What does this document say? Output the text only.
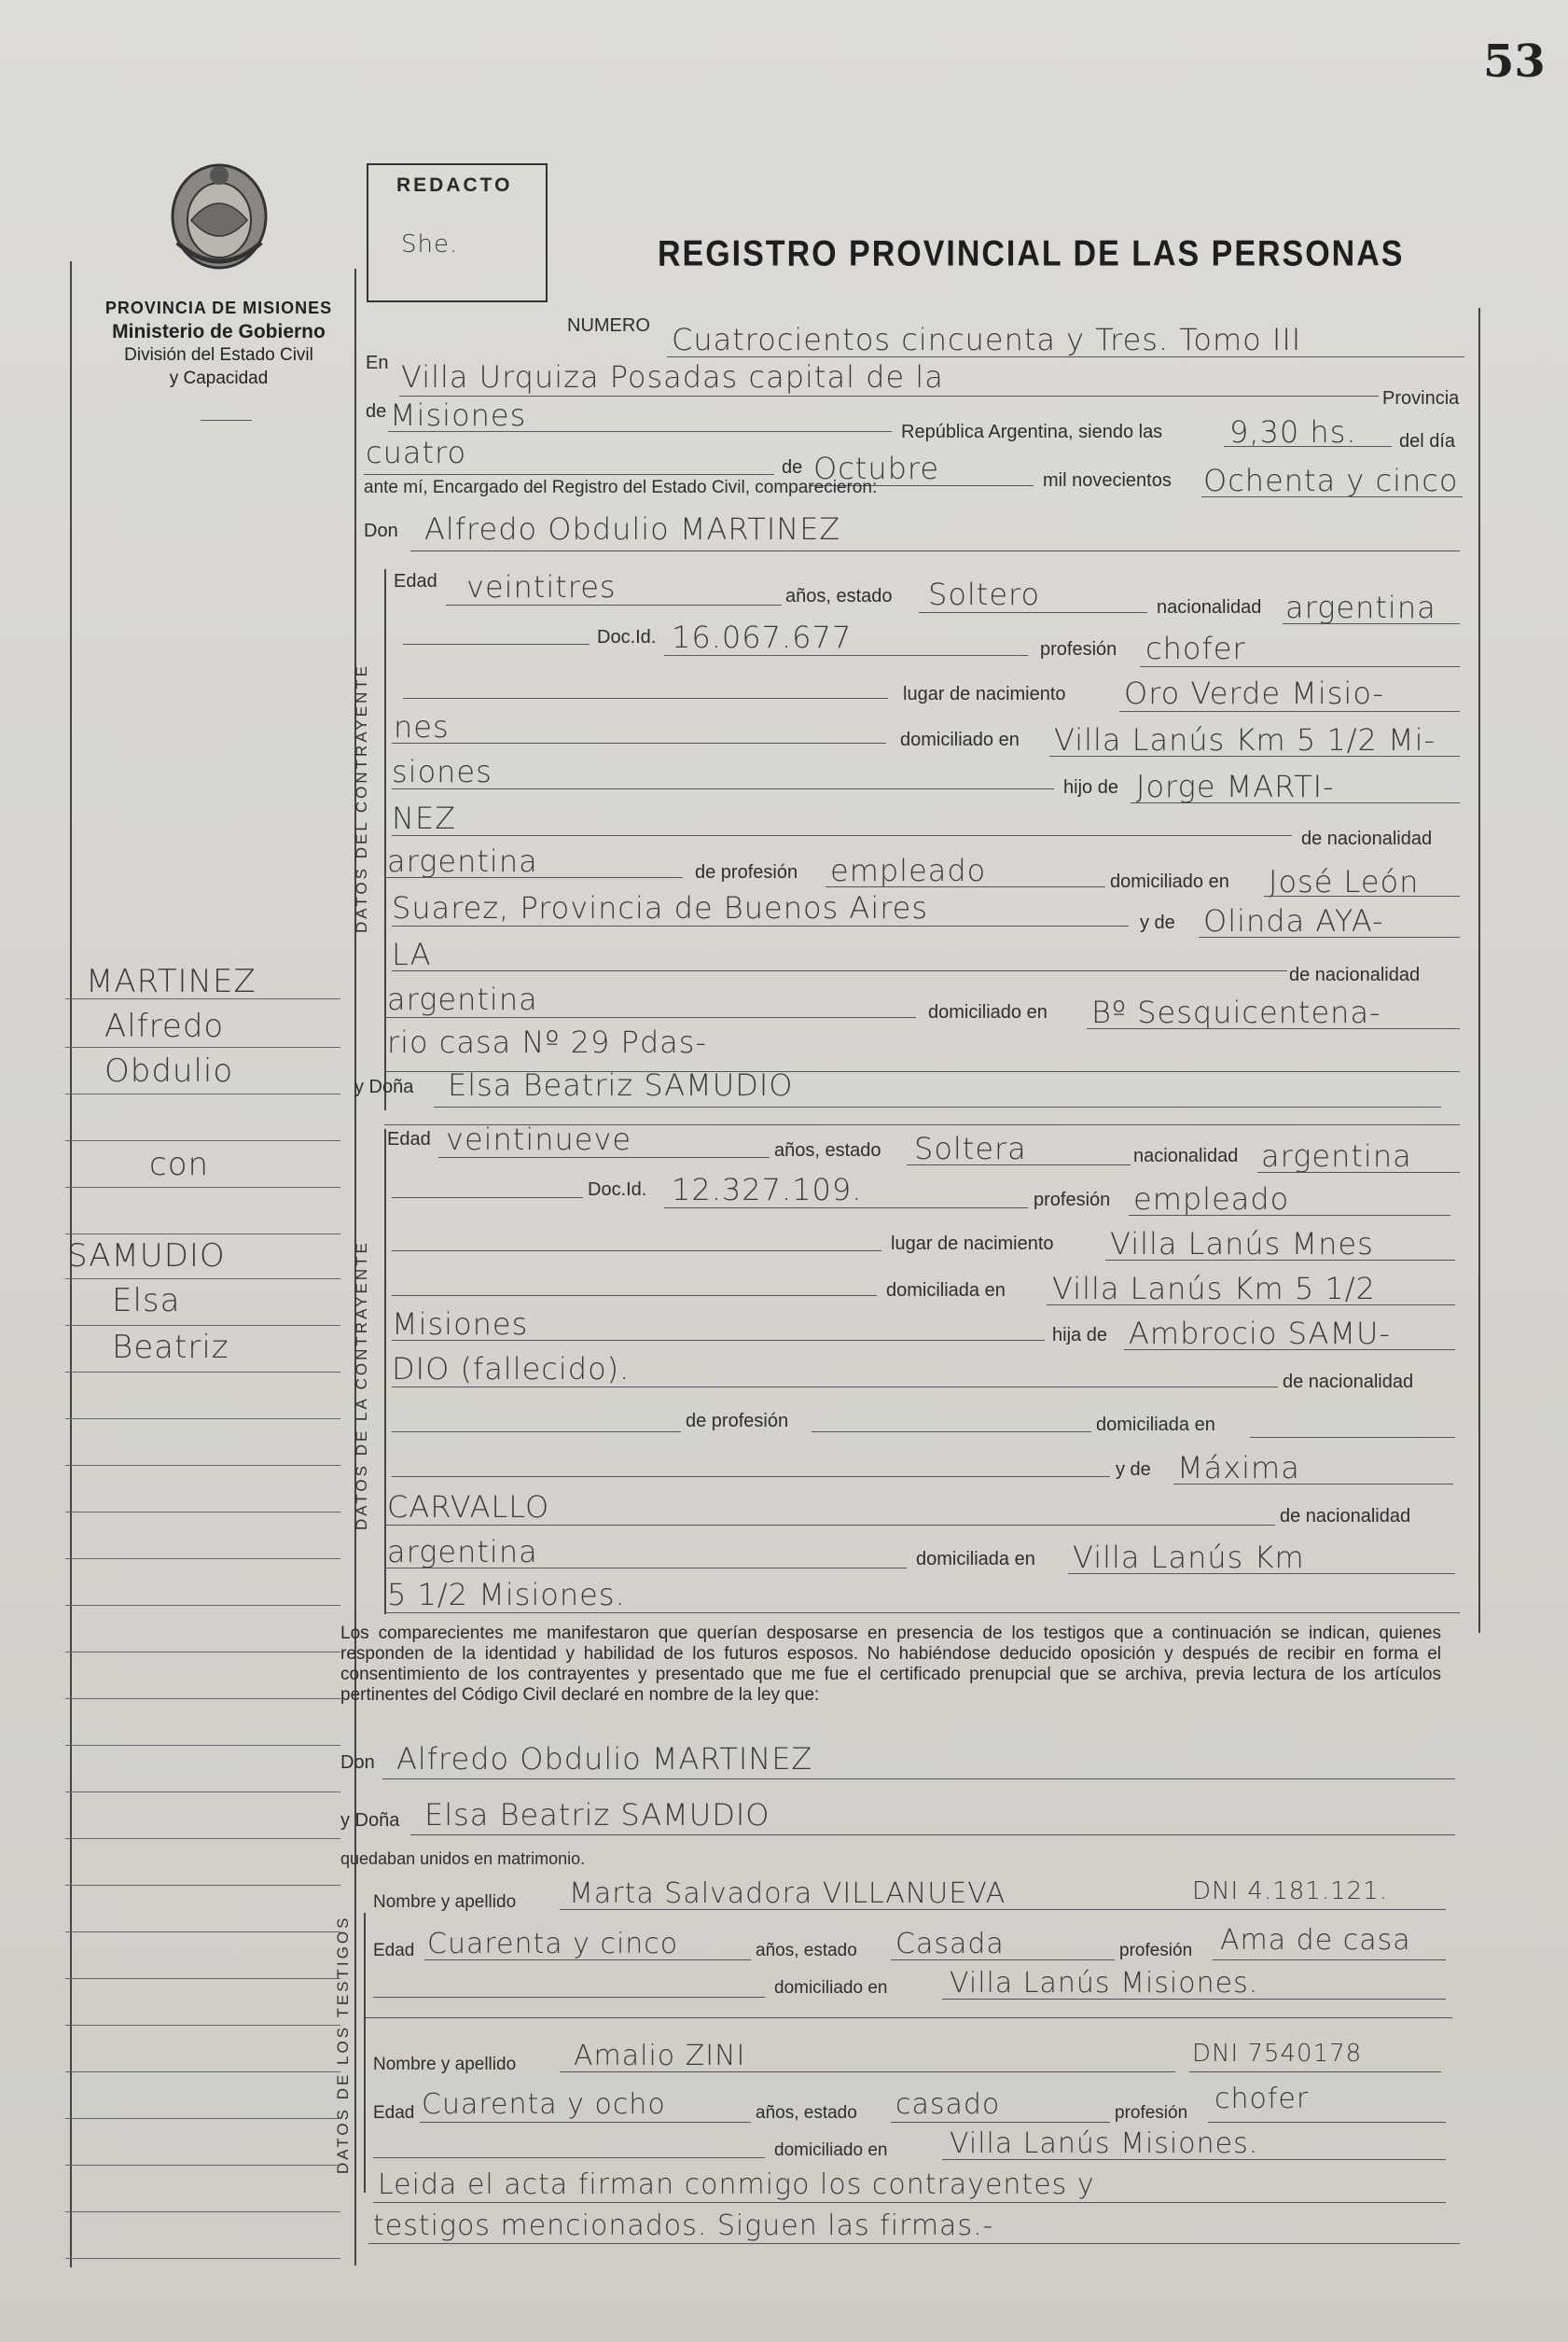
53
PROVINCIA DE MISIONES
Ministerio de Gobierno
División del Estado Civil
y Capacidad
REDACTO
She.	REGISTRO PROVINCIAL DE LAS PERSONAS
DATOS DEL CONTRAYENTE
DATOS DE LA CONTRAYENTE
DATOS DE LOS TESTIGOS
NUMERO Cuatrocientos cincuenta y Tres. Tomo III
En Villa Urquiza Posadas capital de la
Provincia
de Misiones	República Argentina, siendo las 9,30 hs. del día
cuatro	de Octubre	mil novecientos Ochenta y cinco
ante mí, Encargado del Registro del Estado Civil, comparecieron:
Don Alfredo Obdulio MARTINEZ
Edad veintitres	años, estado Soltero	nacionalidad argentina
Doc.Id. 16.067.677	profesión chofer
lugar de nacimiento Oro Verde Misio-
nes	domiciliado en Villa Lanús Km 5 1/2 Mi-
siones	hijo de Jorge MARTI-
NEZ
de nacionalidad
argentina	de profesión empleado	domiciliado en José León
Suarez, Provincia de Buenos Aires	y de Olinda AYA-
LA
de nacionalidad
argentina	domiciliado en Bº Sesquicentena-
rio casa Nº 29 Pdas-
y Doña Elsa Beatriz SAMUDIO
Edad veintinueve	años, estado Soltera	nacionalidad argentina
Doc.Id. 12.327.109.	profesión empleado
lugar de nacimiento Villa Lanús Mnes
domiciliada en Villa Lanús Km 5 1/2
Misiones	hija de Ambrocio SAMU-
DIO (fallecido).	de nacionalidad
de profesión	domiciliada en
y de Máxima
CARVALLO	de nacionalidad
argentina	domiciliada en Villa Lanús Km
5 1/2 Misiones.
Los comparecientes me manifestaron que querían desposarse en presencia de los testigos que a continuación se indican, quienes responden de la identidad y habilidad de los futuros esposos. No habiéndose deducido oposición y después de recibir en forma el consentimiento de los contrayentes y presentado que me fue el certificado prenupcial que se archiva, previa lectura de los artículos pertinentes del Código Civil declaré en nombre de la ley que:
Don Alfredo Obdulio MARTINEZ
y Doña Elsa Beatriz SAMUDIO
quedaban unidos en matrimonio.
Nombre y apellido Marta Salvadora VILLANUEVA	DNI 4.181.121.
Edad Cuarenta y cinco	años, estado Casada	profesión Ama de casa
domiciliado en Villa Lanús Misiones.
Nombre y apellido Amalio ZINI	DNI 7540178
Edad Cuarenta y ocho	años, estado casado	profesión chofer
domiciliado en Villa Lanús Misiones.
Leida el acta firman conmigo los contrayentes y
testigos mencionados. Siguen las firmas.-
MARTINEZ
Alfredo
Obdulio
con
SAMUDIO
Elsa
Beatriz
